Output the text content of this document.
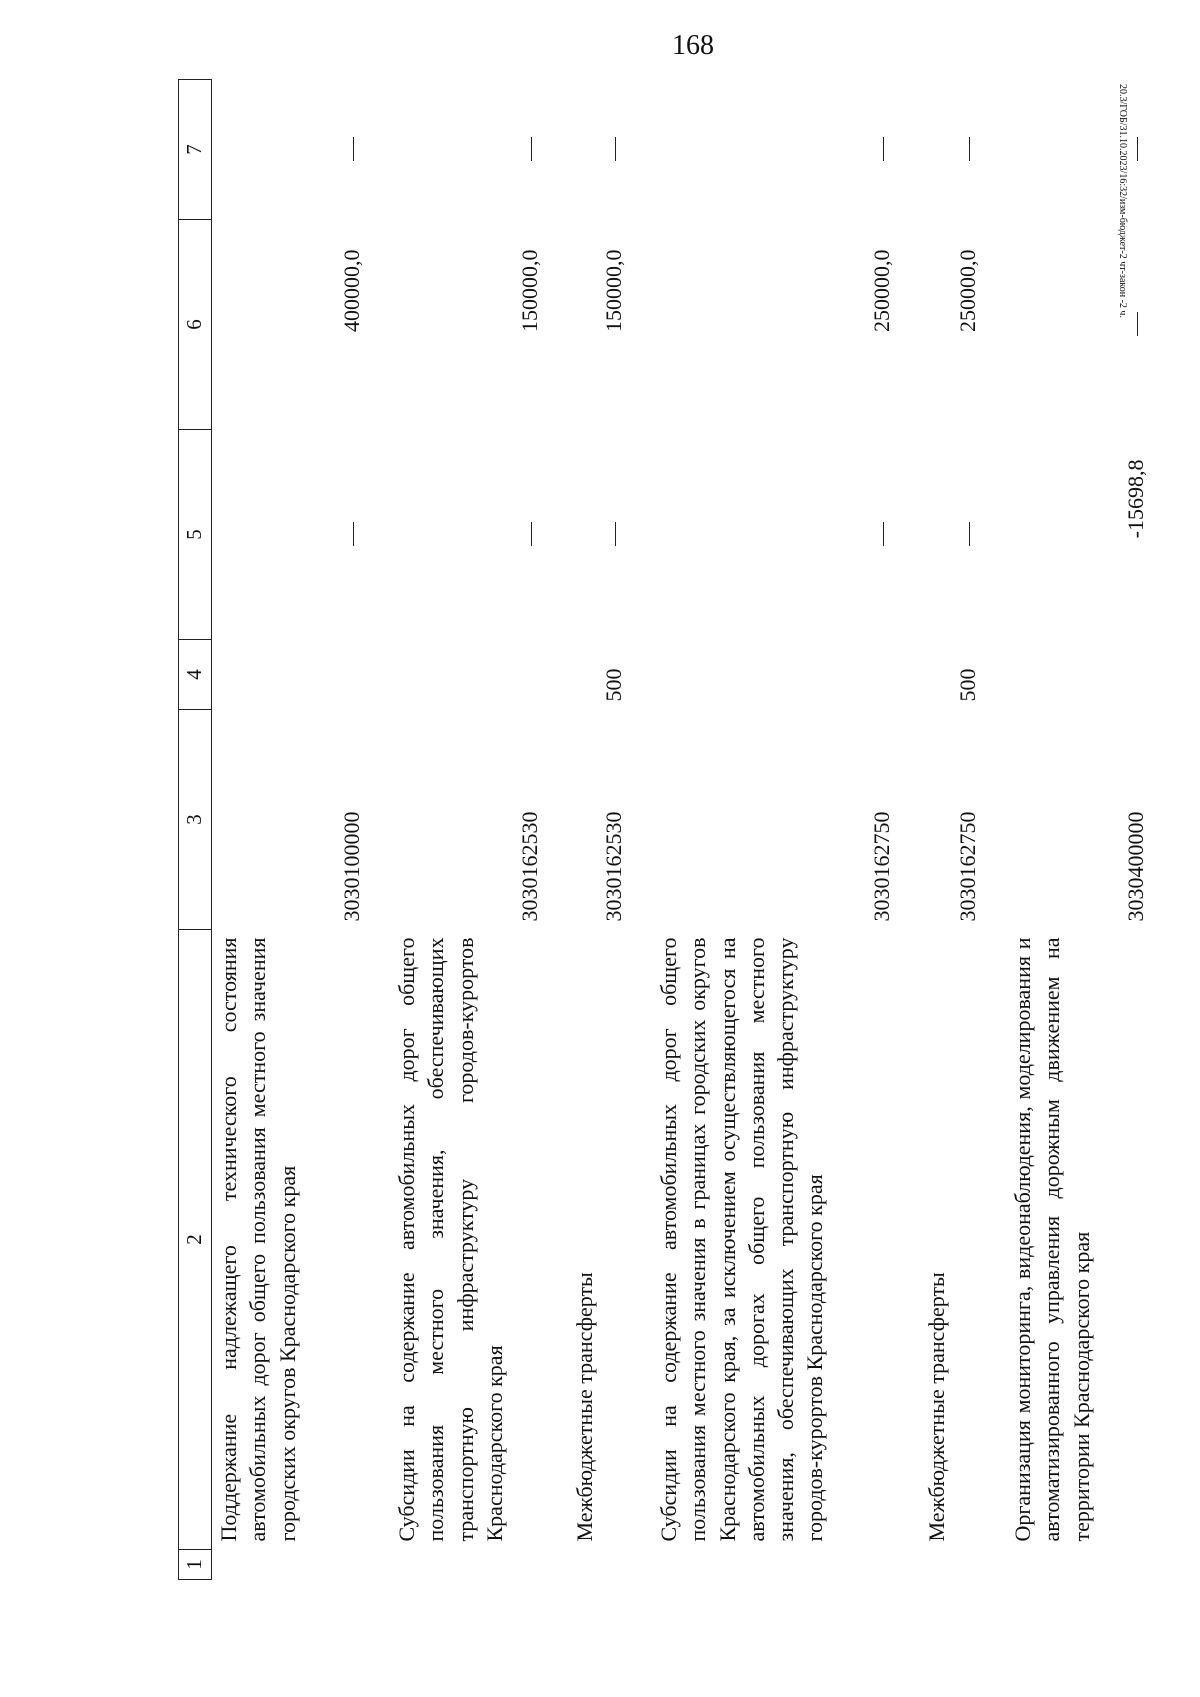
168
20.3/ГОБ/31.10.2023/16:32/изм-бюджет-2 чт-закон -2 ч.
1	2	3	4	5	6	7
	Поддержание надлежащего технического состояния автомобильных дорог общего пользования местного значения городских округов Краснодарского края	3030100000			400000,0	
	Субсидии на содержание автомобильных дорог общего пользования местного значения, обеспечивающих транспортную инфраструктуру городов-курортов Краснодарского края	3030162530			150000,0	
	Межбюджетные трансферты	3030162530	500		150000,0	
	Субсидии на содержание автомобильных дорог общего пользования местного значения в границах городских округов Краснодарского края, за исключением осуществляющегося на автомобильных дорогах общего пользования местного значения, обеспечивающих транспортную инфраструктуру городов-курортов Краснодарского края	3030162750			250000,0	
	Межбюджетные трансферты	3030162750	500		250000,0	
	Организация мониторинга, видеонаблюдения, моделирования и автоматизированного управления дорожным движением на территории Краснодарского края	3030400000		-15698,8		
